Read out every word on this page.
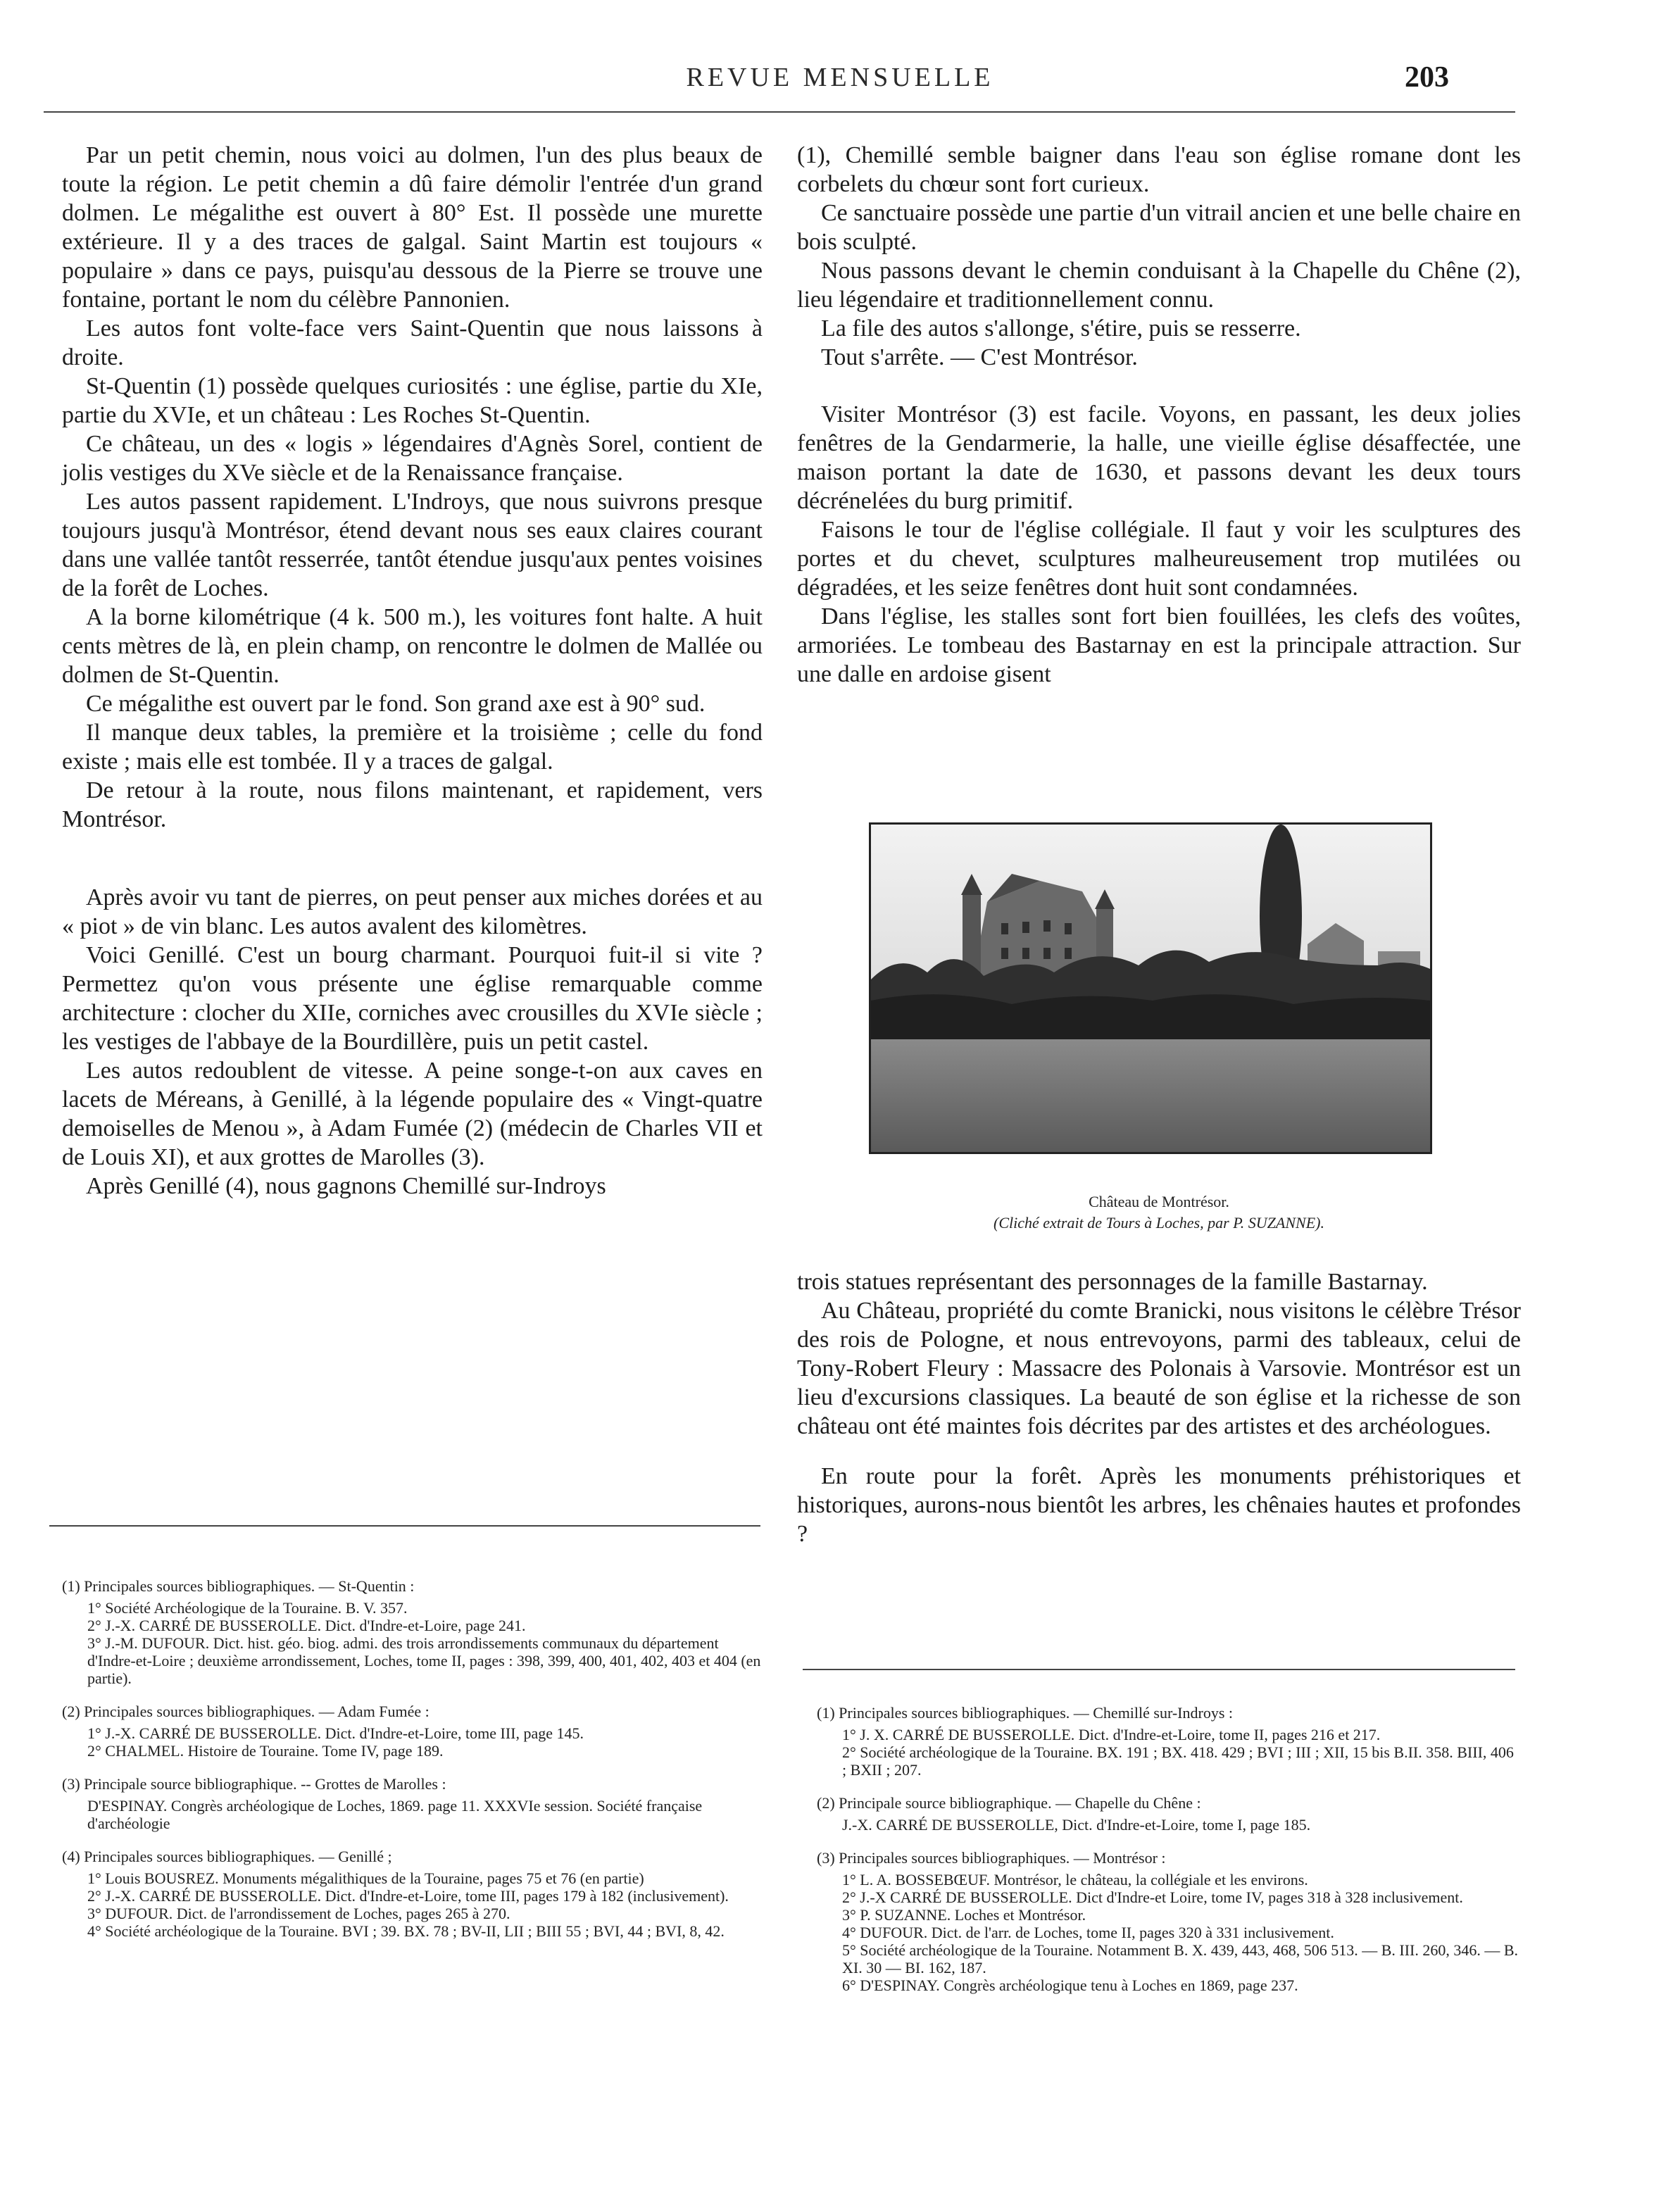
REVUE MENSUELLE	203

Par un petit chemin, nous voici au dolmen, l'un des plus beaux de toute la région. Le petit chemin a dû faire démolir l'entrée d'un grand dolmen. Le mégalithe est ouvert à 80° Est. Il possède une murette extérieure. Il y a des traces de galgal. Saint Martin est toujours « populaire » dans ce pays, puisqu'au dessous de la Pierre se trouve une fontaine, portant le nom du célèbre Pannonien.

Les autos font volte-face vers Saint-Quentin que nous laissons à droite.

St-Quentin (1) possède quelques curiosités : une église, partie du XIe, partie du XVIe, et un château : Les Roches St-Quentin.

Ce château, un des « logis » légendaires d'Agnès Sorel, contient de jolis vestiges du XVe siècle et de la Renaissance française.

Les autos passent rapidement. L'Indroys, que nous suivrons presque toujours jusqu'à Montrésor, étend devant nous ses eaux claires courant dans une vallée tantôt resserrée, tantôt étendue jusqu'aux pentes voisines de la forêt de Loches.

A la borne kilométrique (4 k. 500 m.), les voitures font halte. A huit cents mètres de là, en plein champ, on rencontre le dolmen de Mallée ou dolmen de St-Quentin.

Ce mégalithe est ouvert par le fond. Son grand axe est à 90° sud.

Il manque deux tables, la première et la troisième ; celle du fond existe ; mais elle est tombée. Il y a traces de galgal.

De retour à la route, nous filons maintenant, et rapidement, vers Montrésor.

Après avoir vu tant de pierres, on peut penser aux miches dorées et au « piot » de vin blanc. Les autos avalent des kilomètres.

Voici Genillé. C'est un bourg charmant. Pourquoi fuit-il si vite ? Permettez qu'on vous présente une église remarquable comme architecture : clocher du XIIe, corniches avec crousilles du XVIe siècle ; les vestiges de l'abbaye de la Bourdillère, puis un petit castel.

Les autos redoublent de vitesse. A peine songe-t-on aux caves en lacets de Méreans, à Genillé, à la légende populaire des « Vingt-quatre demoiselles de Menou », à Adam Fumée (2) (médecin de Charles VII et de Louis XI), et aux grottes de Marolles (3).

Après Genillé (4), nous gagnons Chemillé sur-Indroys

(1), Chemillé semble baigner dans l'eau son église romane dont les corbelets du chœur sont fort curieux.

Ce sanctuaire possède une partie d'un vitrail ancien et une belle chaire en bois sculpté.

Nous passons devant le chemin conduisant à la Chapelle du Chêne (2), lieu légendaire et traditionnellement connu.

La file des autos s'allonge, s'étire, puis se resserre.

Tout s'arrête. — C'est Montrésor.

Visiter Montrésor (3) est facile. Voyons, en passant, les deux jolies fenêtres de la Gendarmerie, la halle, une vieille église désaffectée, une maison portant la date de 1630, et passons devant les deux tours décrénelées du burg primitif.

Faisons le tour de l'église collégiale. Il faut y voir les sculptures des portes et du chevet, sculptures malheureusement trop mutilées ou dégradées, et les seize fenêtres dont huit sont condamnées.

Dans l'église, les stalles sont fort bien fouillées, les clefs des voûtes, armoriées. Le tombeau des Bastarnay en est la principale attraction. Sur une dalle en ardoise gisent

Château de Montrésor.
(Cliché extrait de Tours à Loches, par P. SUZANNE).

trois statues représentant des personnages de la famille Bastarnay.

Au Château, propriété du comte Branicki, nous visitons le célèbre Trésor des rois de Pologne, et nous entrevoyons, parmi des tableaux, celui de Tony-Robert Fleury : Massacre des Polonais à Varsovie. Montrésor est un lieu d'excursions classiques. La beauté de son église et la richesse de son château ont été maintes fois décrites par des artistes et des archéologues.

En route pour la forêt. Après les monuments préhistoriques et historiques, aurons-nous bientôt les arbres, les chênaies hautes et profondes ?

(1) Principales sources bibliographiques. — St-Quentin :
1° Société Archéologique de la Touraine. B. V. 357.
2° J.-X. CARRÉ DE BUSSEROLLE. Dict. d'Indre-et-Loire, page 241.
3° J.-M. DUFOUR. Dict. hist. géo. biog. admi. des trois arrondissements communaux du département d'Indre-et-Loire ; deuxième arrondissement, Loches, tome II, pages : 398, 399, 400, 401, 402, 403 et 404 (en partie).
(2) Principales sources bibliographiques. — Adam Fumée :
1° J.-X. CARRÉ DE BUSSEROLLE. Dict. d'Indre-et-Loire, tome III, page 145.
2° CHALMEL. Histoire de Touraine. Tome IV, page 189.
(3) Principale source bibliographique. -- Grottes de Marolles :
D'ESPINAY. Congrès archéologique de Loches, 1869. page 11. XXXVIe session. Société française d'archéologie
(4) Principales sources bibliographiques. — Genillé ;
1° Louis BOUSREZ. Monuments mégalithiques de la Touraine, pages 75 et 76 (en partie)
2° J.-X. CARRÉ DE BUSSEROLLE. Dict. d'Indre-et-Loire, tome III, pages 179 à 182 (inclusivement).
3° DUFOUR. Dict. de l'arrondissement de Loches, pages 265 à 270.
4° Société archéologique de la Touraine. BVI ; 39. BX. 78 ; BV-II, LII ; BIII 55 ; BVI, 44 ; BVI, 8, 42.
(1) Principales sources bibliographiques. — Chemillé sur-Indroys :
1° J. X. CARRÉ DE BUSSEROLLE. Dict. d'Indre-et-Loire, tome II, pages 216 et 217.
2° Société archéologique de la Touraine. BX. 191 ; BX. 418. 429 ; BVI ; III ; XII, 15 bis B.II. 358. BIII, 406 ; BXII ; 207.
(2) Principale source bibliographique. — Chapelle du Chêne :
J.-X. CARRÉ DE BUSSEROLLE, Dict. d'Indre-et-Loire, tome I, page 185.
(3) Principales sources bibliographiques. — Montrésor :
1° L. A. BOSSEBŒUF. Montrésor, le château, la collégiale et les environs.
2° J.-X CARRÉ DE BUSSEROLLE. Dict d'Indre-et Loire, tome IV, pages 318 à 328 inclusivement.
3° P. SUZANNE. Loches et Montrésor.
4° DUFOUR. Dict. de l'arr. de Loches, tome II, pages 320 à 331 inclusivement.
5° Société archéologique de la Touraine. Notamment B. X. 439, 443, 468, 506 513. — B. III. 260, 346. — B. XI. 30 — BI. 162, 187.
6° D'ESPINAY. Congrès archéologique tenu à Loches en 1869, page 237.
